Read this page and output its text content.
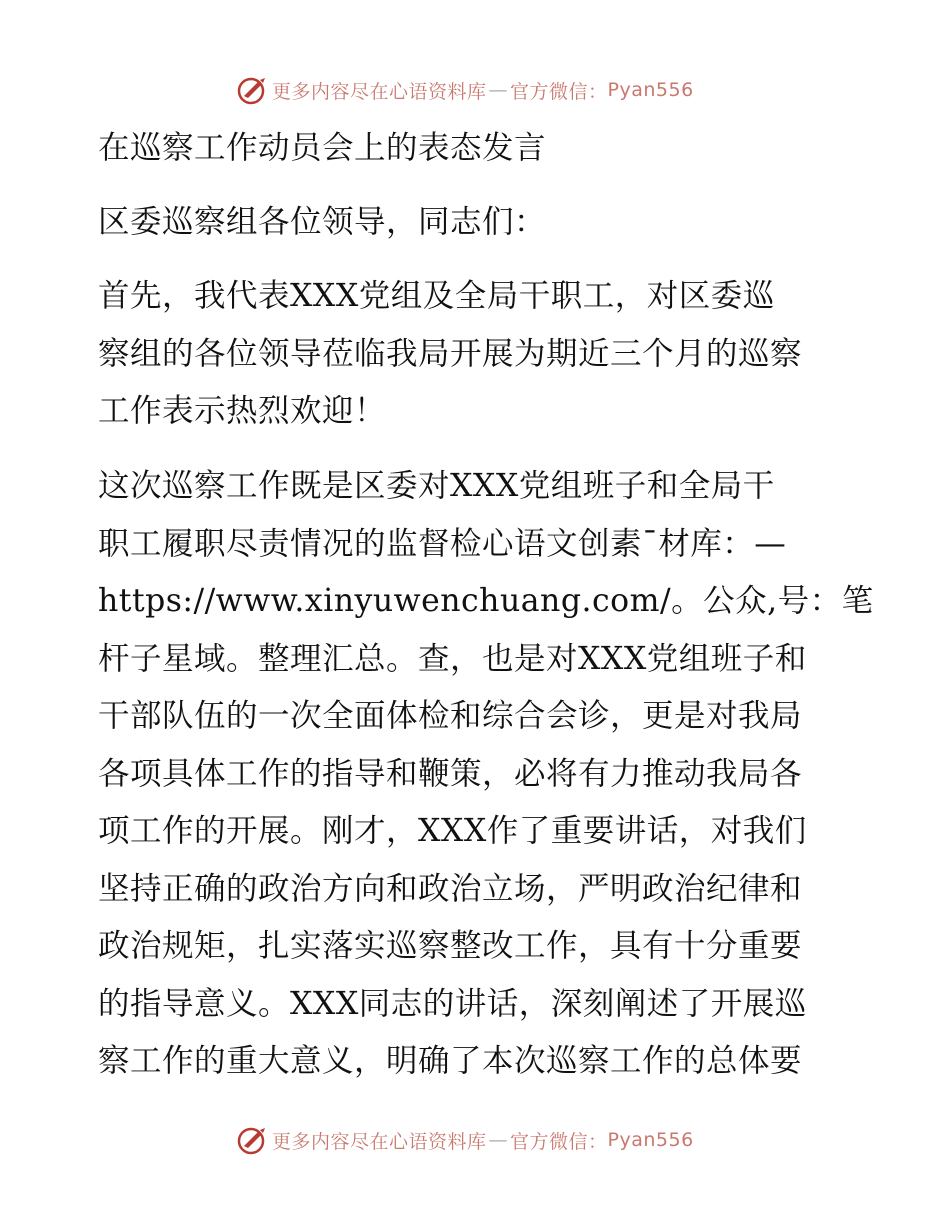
更多内容尽在心语资料库 — 官方微信： Pyan556
在巡察工作动员会上的表态发言
区委巡察组各位领导，同志们：
首先，我代表XXX党组及全局干职工，对区委巡
察组的各位领导莅临我局开展为期近三个月的巡察
工作表示热烈欢迎！
这次巡察工作既是区委对XXX党组班子和全局干
职工履职尽责情况的监督检心语文创素¯材库：—
https://www.xinyuwenchuang.com/。公众,号：笔
杆子星域。整理汇总。查，也是对XXX党组班子和
干部队伍的一次全面体检和综合会诊，更是对我局
各项具体工作的指导和鞭策，必将有力推动我局各
项工作的开展。刚才，XXX作了重要讲话，对我们
坚持正确的政治方向和政治立场，严明政治纪律和
政治规矩，扎实落实巡察整改工作，具有十分重要
的指导意义。XXX同志的讲话，深刻阐述了开展巡
察工作的重大意义，明确了本次巡察工作的总体要
更多内容尽在心语资料库 — 官方微信： Pyan556
